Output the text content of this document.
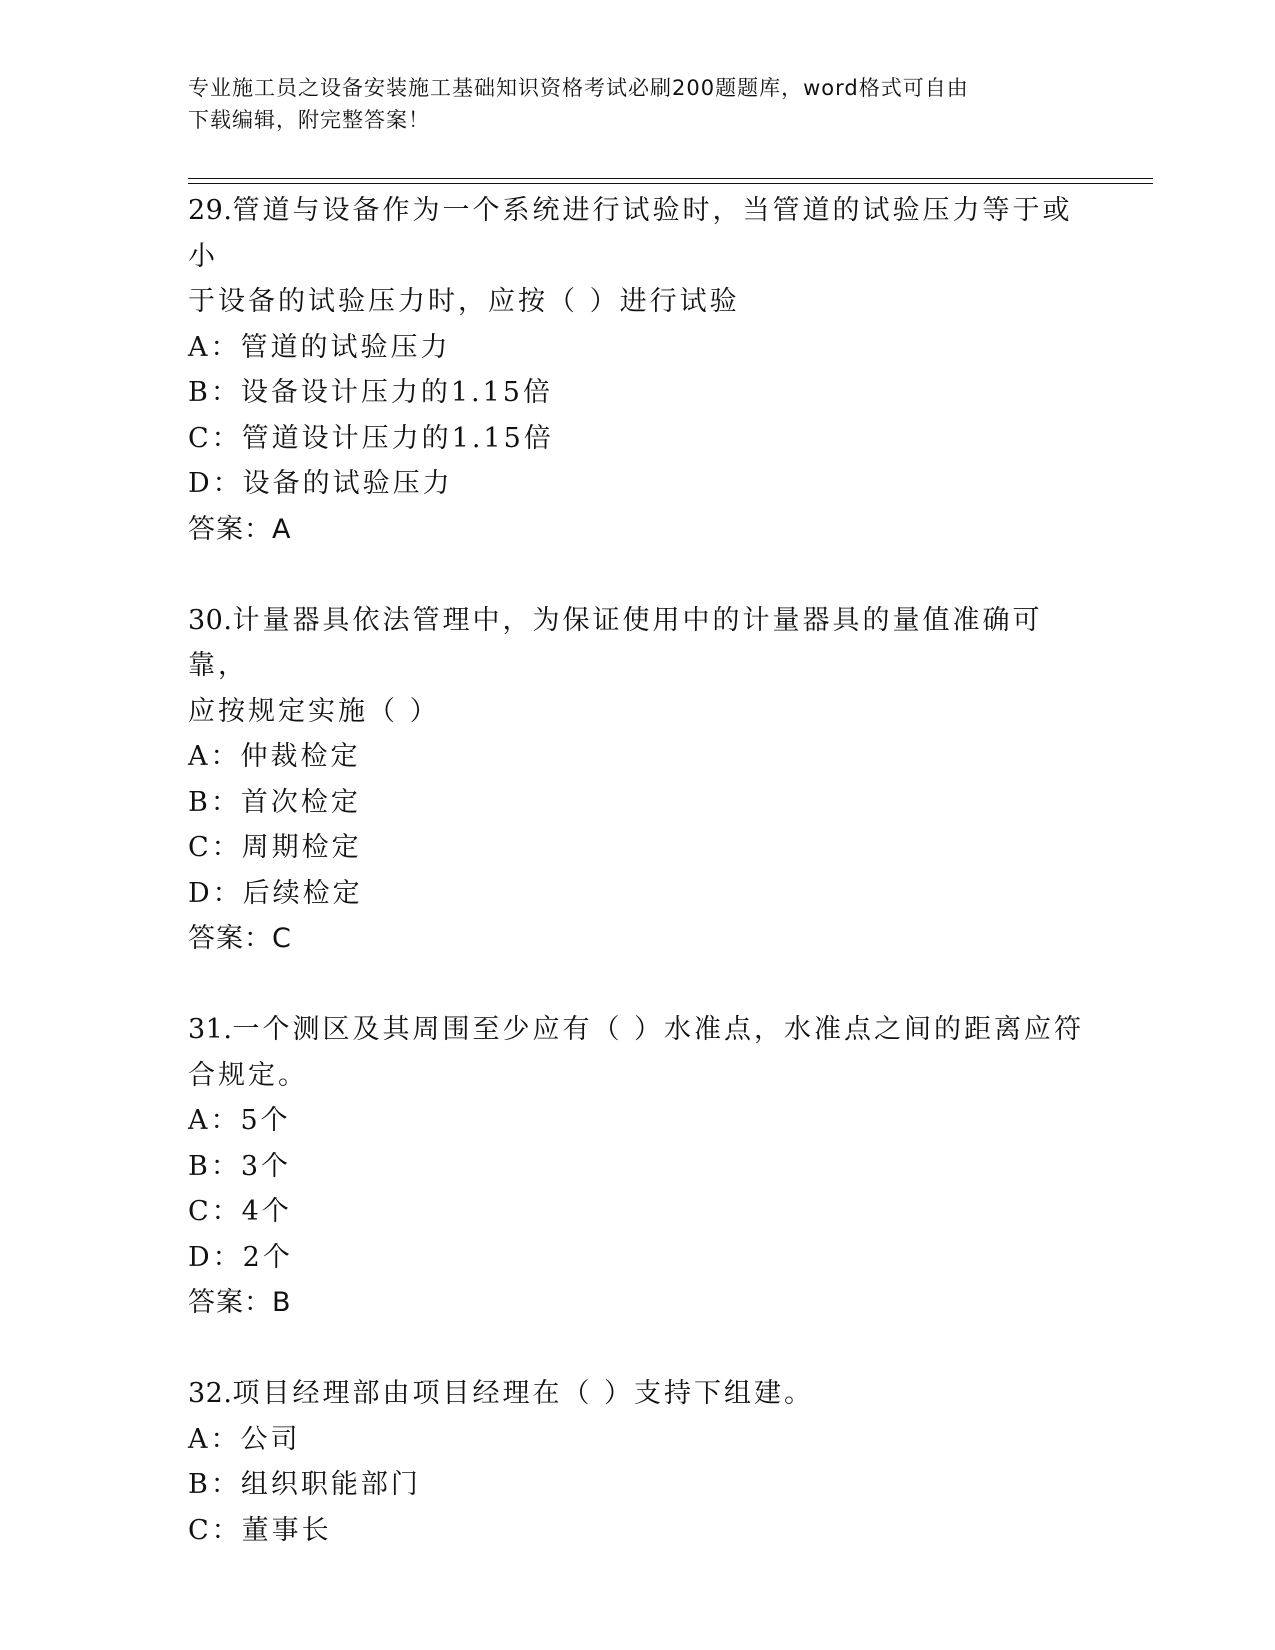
专业施工员之设备安装施工基础知识资格考试必刷200题题库，word格式可自由
下载编辑，附完整答案！

29.管道与设备作为一个系统进行试验时，当管道的试验压力等于或小

于设备的试验压力时，应按（ ）进行试验

A：管道的试验压力

B：设备设计压力的1.15倍

C：管道设计压力的1.15倍

D：设备的试验压力

答案：A

30.计量器具依法管理中，为保证使用中的计量器具的量值准确可靠，

应按规定实施（ ）

A：仲裁检定

B：首次检定

C：周期检定

D：后续检定

答案：C

31.一个测区及其周围至少应有（ ）水准点，水准点之间的距离应符

合规定。

A：5个

B：3个

C：4个

D：2个

答案：B

32.项目经理部由项目经理在（ ）支持下组建。

A：公司

B：组织职能部门

C：董事长
